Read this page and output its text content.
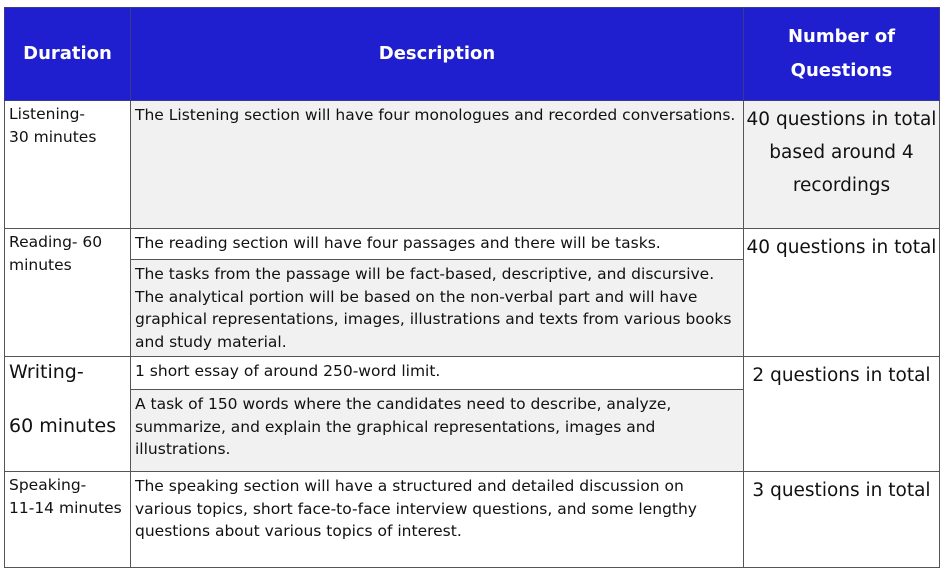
Duration	Description	Number of
Questions
Listening-
30 minutes	The Listening section will have four monologues and recorded conversations.	40 questions in total based around 4 recordings
Reading- 60
minutes	The reading section will have four passages and there will be tasks.	40 questions in total
	The tasks from the passage will be fact-based, descriptive, and discursive. The analytical portion will be based on the non-verbal part and will have graphical representations, images, illustrations and texts from various books and study material.	
Writing-
60 minutes	1 short essay of around 250-word limit.	2 questions in total
	A task of 150 words where the candidates need to describe, analyze, summarize, and explain the graphical representations, images and illustrations.	
Speaking-
11-14 minutes	The speaking section will have a structured and detailed discussion on various topics, short face-to-face interview questions, and some lengthy questions about various topics of interest.	3 questions in total
